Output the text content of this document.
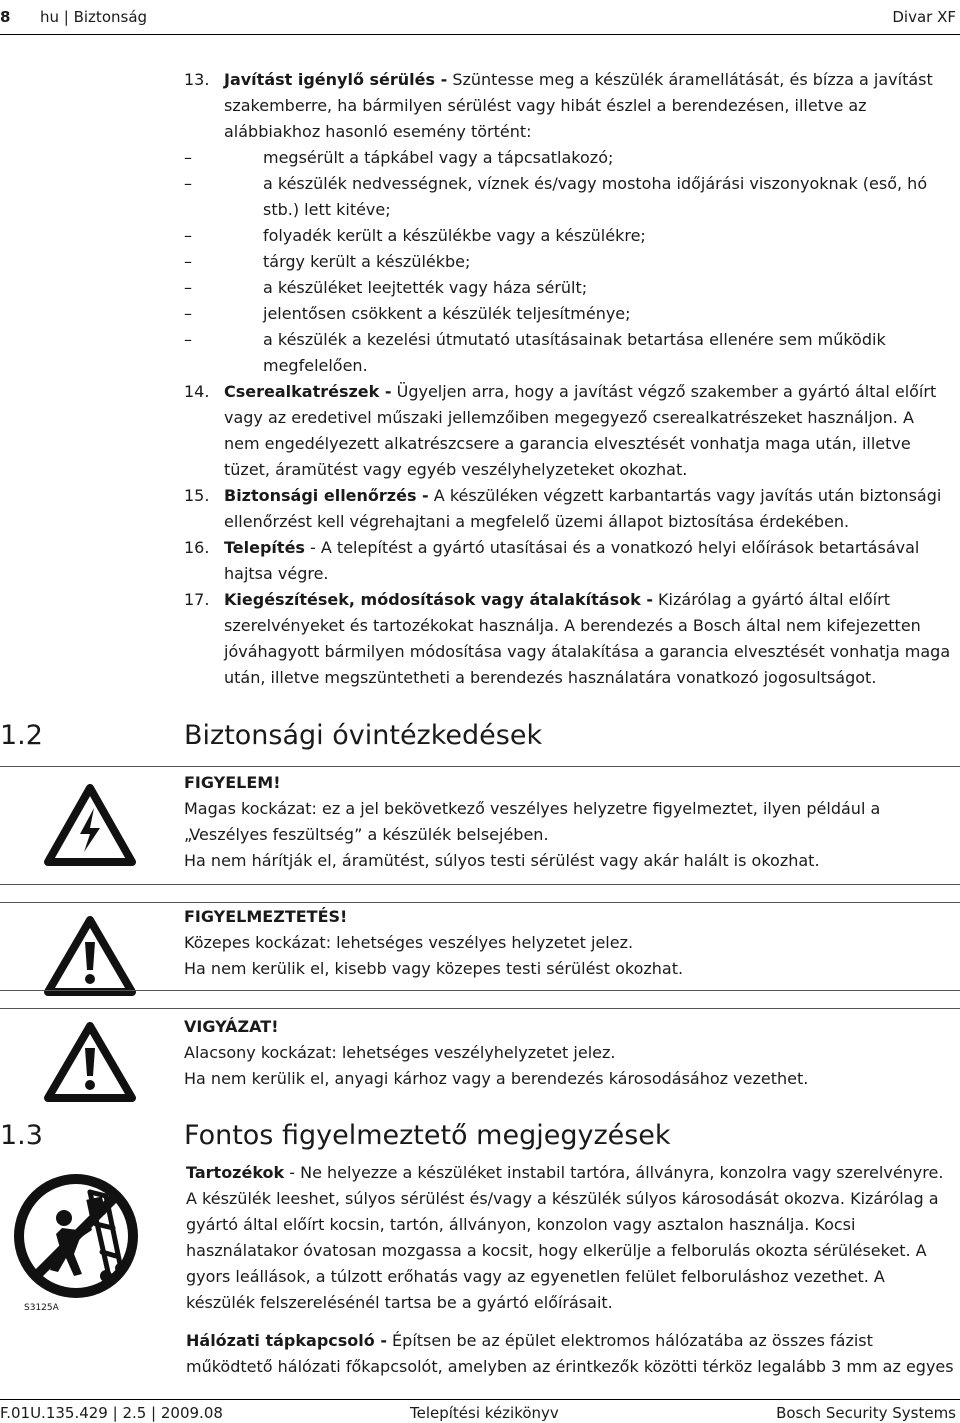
8 hu | Biztonság	Divar XF
13. Javítást igénylő sérülés - Szüntesse meg a készülék áramellátását, és bízza a javítást szakemberre, ha bármilyen sérülést vagy hibát észlel a berendezésen, illetve az alábbiakhoz hasonló esemény történt:
–	megsérült a tápkábel vagy a tápcsatlakozó;
–	a készülék nedvességnek, víznek és/vagy mostoha időjárási viszonyoknak (eső, hó stb.) lett kitéve;
–	folyadék került a készülékbe vagy a készülékre;
–	tárgy került a készülékbe;
–	a készüléket leejtették vagy háza sérült;
–	jelentősen csökkent a készülék teljesítménye;
–	a készülék a kezelési útmutató utasításainak betartása ellenére sem működik megfelelően.
14. Cserealkatrészek - Ügyeljen arra, hogy a javítást végző szakember a gyártó által előírt vagy az eredetivel műszaki jellemzőiben megegyező cserealkatrészeket használjon. A nem engedélyezett alkatrészcsere a garancia elvesztését vonhatja maga után, illetve tüzet, áramütést vagy egyéb veszélyhelyzeteket okozhat.
15. Biztonsági ellenőrzés - A készüléken végzett karbantartás vagy javítás után biztonsági ellenőrzést kell végrehajtani a megfelelő üzemi állapot biztosítása érdekében.
16. Telepítés - A telepítést a gyártó utasításai és a vonatkozó helyi előírások betartásával hajtsa végre.
17. Kiegészítések, módosítások vagy átalakítások - Kizárólag a gyártó által előírt szerelvényeket és tartozékokat használja. A berendezés a Bosch által nem kifejezetten jóváhagyott bármilyen módosítása vagy átalakítása a garancia elvesztését vonhatja maga után, illetve megszüntetheti a berendezés használatára vonatkozó jogosultságot.
1.2	Biztonsági óvintézkedések
FIGYELEM!
Magas kockázat: ez a jel bekövetkező veszélyes helyzetre figyelmeztet, ilyen például a „Veszélyes feszültség” a készülék belsejében.
Ha nem hárítják el, áramütést, súlyos testi sérülést vagy akár halált is okozhat.
FIGYELMEZTETÉS!
Közepes kockázat: lehetséges veszélyes helyzetet jelez.
Ha nem kerülik el, kisebb vagy közepes testi sérülést okozhat.
VIGYÁZAT!
Alacsony kockázat: lehetséges veszélyhelyzetet jelez.
Ha nem kerülik el, anyagi kárhoz vagy a berendezés károsodásához vezethet.
1.3	Fontos figyelmeztető megjegyzések
S3125A

Tartozékok - Ne helyezze a készüléket instabil tartóra, állványra, konzolra vagy szerelvényre. A készülék leeshet, súlyos sérülést és/vagy a készülék súlyos károsodását okozva. Kizárólag a gyártó által előírt kocsin, tartón, állványon, konzolon vagy asztalon használja. Kocsi használatakor óvatosan mozgassa a kocsit, hogy elkerülje a felborulás okozta sérüléseket. A gyors leállások, a túlzott erőhatás vagy az egyenetlen felület felboruláshoz vezethet. A készülék felszerelésénél tartsa be a gyártó előírásait.

Hálózati tápkapcsoló - Építsen be az épület elektromos hálózatába az összes fázist működtető hálózati főkapcsolót, amelyben az érintkezők közötti térköz legalább 3 mm az egyes

F.01U.135.429 | 2.5 | 2009.08	Telepítési kézikönyv	Bosch Security Systems
